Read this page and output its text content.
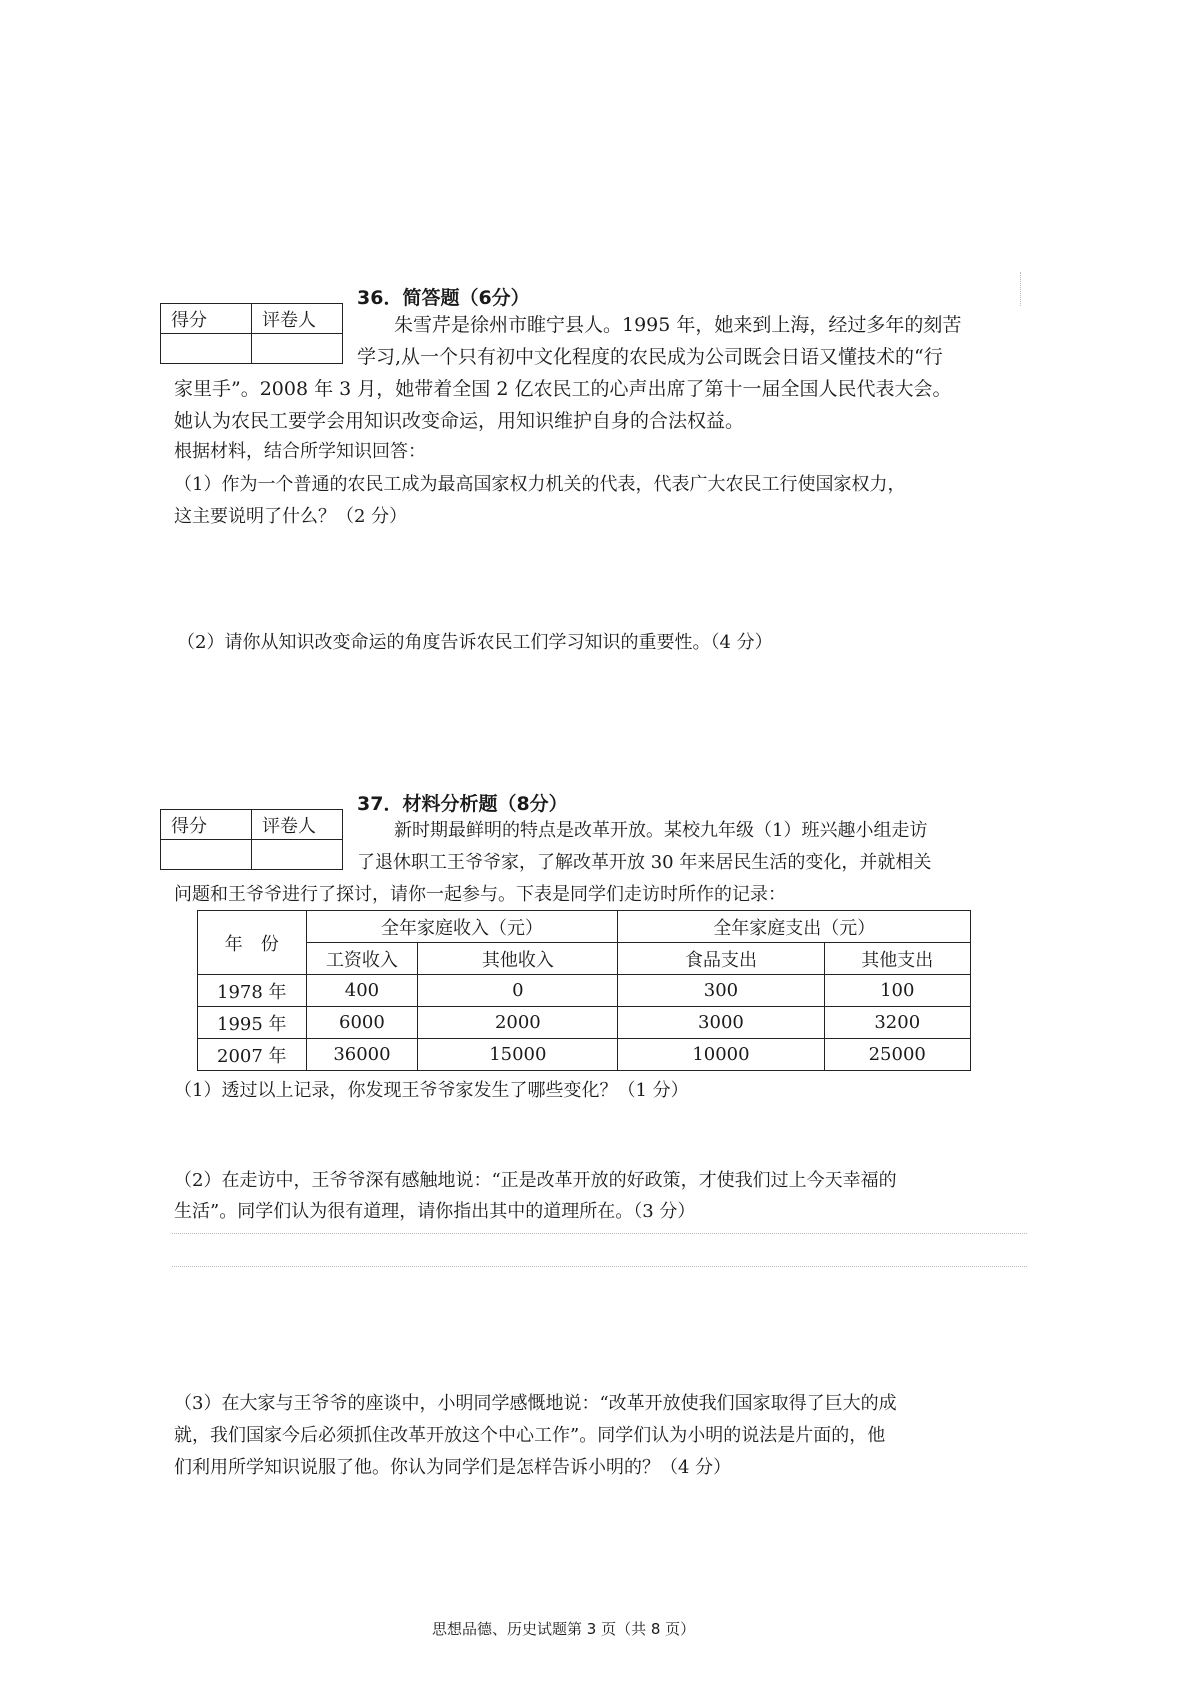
36．简答题（6分）
得分	评卷人
		朱雪芹是徐州市睢宁县人。1995 年，她来到上海，经过多年的刻苦
学习,从一个只有初中文化程度的农民成为公司既会日语又懂技术的“行
家里手”。2008 年 3 月，她带着全国 2 亿农民工的心声出席了第十一届全国人民代表大会。
她认为农民工要学会用知识改变命运，用知识维护自身的合法权益。
根据材料，结合所学知识回答：
（1）作为一个普通的农民工成为最高国家权力机关的代表，代表广大农民工行使国家权力，
这主要说明了什么？（2 分）
（2）请你从知识改变命运的角度告诉农民工们学习知识的重要性。（4 分）
37．材料分析题（8分）
得分	评卷人
		新时期最鲜明的特点是改革开放。某校九年级（1）班兴趣小组走访
了退休职工王爷爷家，了解改革开放 30 年来居民生活的变化，并就相关
问题和王爷爷进行了探讨，请你一起参与。下表是同学们走访时所作的记录：
年　份	全年家庭收入（元）		全年家庭支出（元）	
	工资收入	其他收入	食品支出	其他支出
1978 年	400	0	300	100
1995 年	6000	2000	3000	3200
2007 年	36000	15000	10000	25000
（1）透过以上记录，你发现王爷爷家发生了哪些变化？（1 分）
（2）在走访中，王爷爷深有感触地说：“正是改革开放的好政策，才使我们过上今天幸福的
生活”。同学们认为很有道理，请你指出其中的道理所在。（3 分）
（3）在大家与王爷爷的座谈中，小明同学感慨地说：“改革开放使我们国家取得了巨大的成
就，我们国家今后必须抓住改革开放这个中心工作”。同学们认为小明的说法是片面的，他
们利用所学知识说服了他。你认为同学们是怎样告诉小明的？（4 分）
思想品德、历史试题第 3 页（共 8 页）
